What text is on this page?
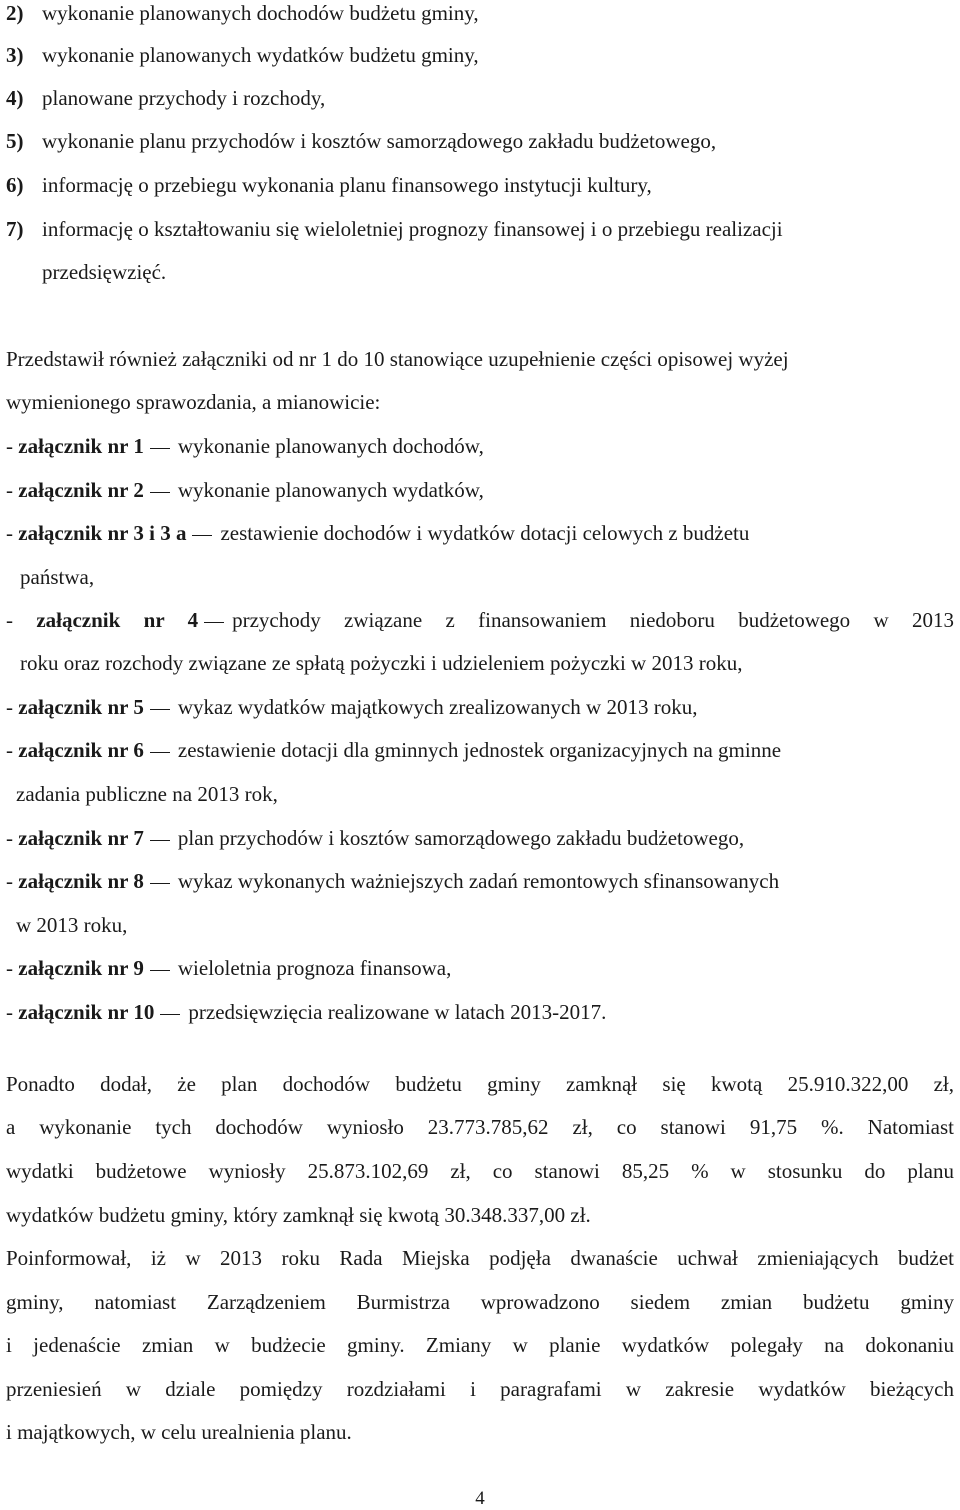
2) wykonanie planowanych dochodów budżetu gminy,
3) wykonanie planowanych wydatków budżetu gminy,
4) planowane przychody i rozchody,
5) wykonanie planu przychodów i kosztów samorządowego zakładu budżetowego,
6) informację o przebiegu wykonania planu finansowego instytucji kultury,
7) informację o kształtowaniu się wieloletniej prognozy finansowej i o przebiegu realizacji
przedsięwzięć.
Przedstawił również załączniki od nr 1 do 10 stanowiące uzupełnienie części opisowej wyżej
wymienionego sprawozdania, a mianowicie:
- załącznik nr 1 wykonanie planowanych dochodów,
- załącznik nr 2 wykonanie planowanych wydatków,
- załącznik nr 3 i 3 a zestawienie dochodów i wydatków dotacji celowych z budżetu
państwa,
- załącznik nr 4 przychody związane z finansowaniem niedoboru budżetowego w 2013
roku oraz rozchody związane ze spłatą pożyczki i udzieleniem pożyczki w 2013 roku,
- załącznik nr 5 wykaz wydatków majątkowych zrealizowanych w 2013 roku,
- załącznik nr 6 zestawienie dotacji dla gminnych jednostek organizacyjnych na gminne
zadania publiczne na 2013 rok,
- załącznik nr 7 plan przychodów i kosztów samorządowego zakładu budżetowego,
- załącznik nr 8 wykaz wykonanych ważniejszych zadań remontowych sfinansowanych
w 2013 roku,
- załącznik nr 9 wieloletnia prognoza finansowa,
- załącznik nr 10 przedsięwzięcia realizowane w latach 2013-2017.
Ponadto dodał, że plan dochodów budżetu gminy zamknął się kwotą 25.910.322,00 zł,
a wykonanie tych dochodów wyniosło 23.773.785,62 zł, co stanowi 91,75 %. Natomiast
wydatki budżetowe wyniosły 25.873.102,69 zł, co stanowi 85,25 % w stosunku do planu
wydatków budżetu gminy, który zamknął się kwotą 30.348.337,00 zł.
Poinformował, iż w 2013 roku Rada Miejska podjęła dwanaście uchwał zmieniających budżet
gminy, natomiast Zarządzeniem Burmistrza wprowadzono siedem zmian budżetu gminy
i jedenaście zmian w budżecie gminy. Zmiany w planie wydatków polegały na dokonaniu
przeniesień w dziale pomiędzy rozdziałami i paragrafami w zakresie wydatków bieżących
i majątkowych, w celu urealnienia planu.
4
